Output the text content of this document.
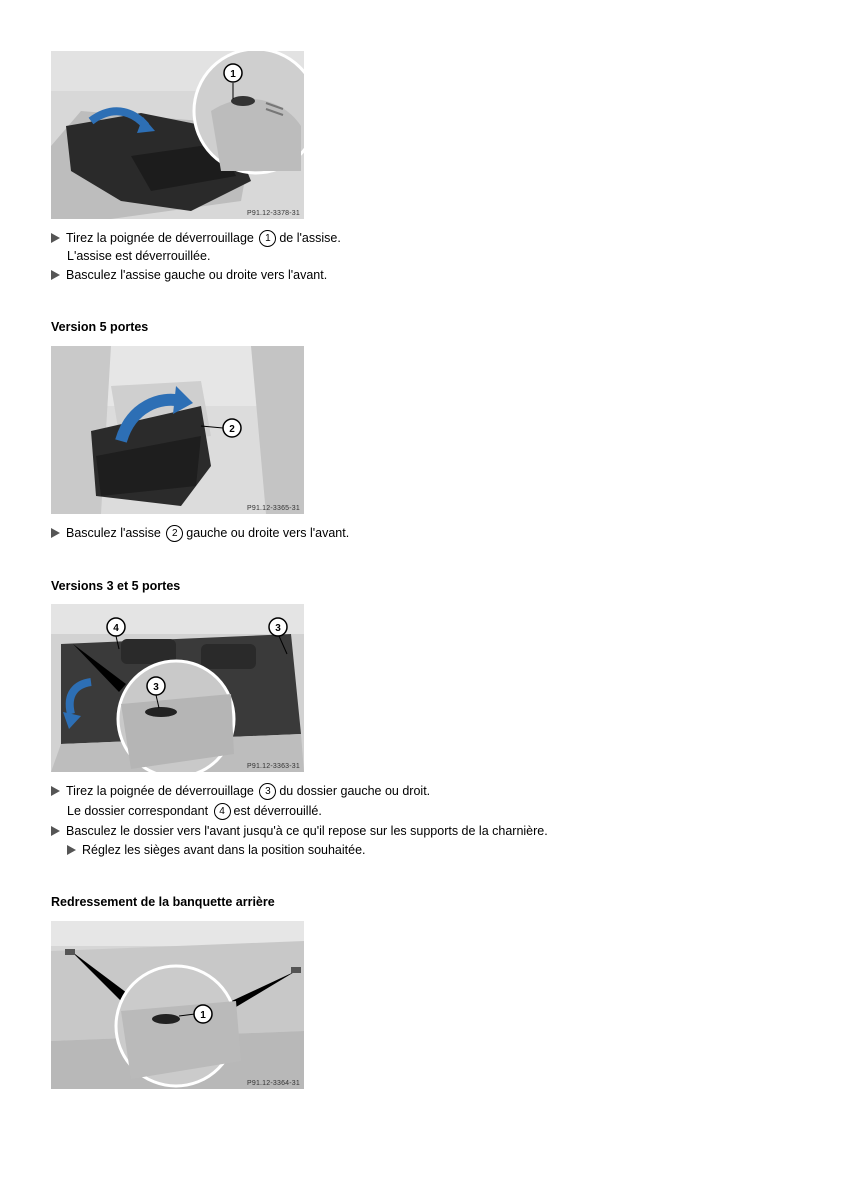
1
P91.12-3378-31
Tirez la poignée de déverrouillage 1 de l'assise.
L'assise est déverrouillée.
Basculez l'assise gauche ou droite vers l'avant.
Version 5 portes
2
P91.12-3365-31
Basculez l'assise 2 gauche ou droite vers l'avant.
Versions 3 et 5 portes
3
4	3
P91.12-3363-31
Tirez la poignée de déverrouillage 3 du dossier gauche ou droit.
Le dossier correspondant 4 est déverrouillé.
Basculez le dossier vers l'avant jusqu'à ce qu'il repose sur les supports de la charnière.
Réglez les sièges avant dans la position souhaitée.
Redressement de la banquette arrière
1
P91.12-3364-31
